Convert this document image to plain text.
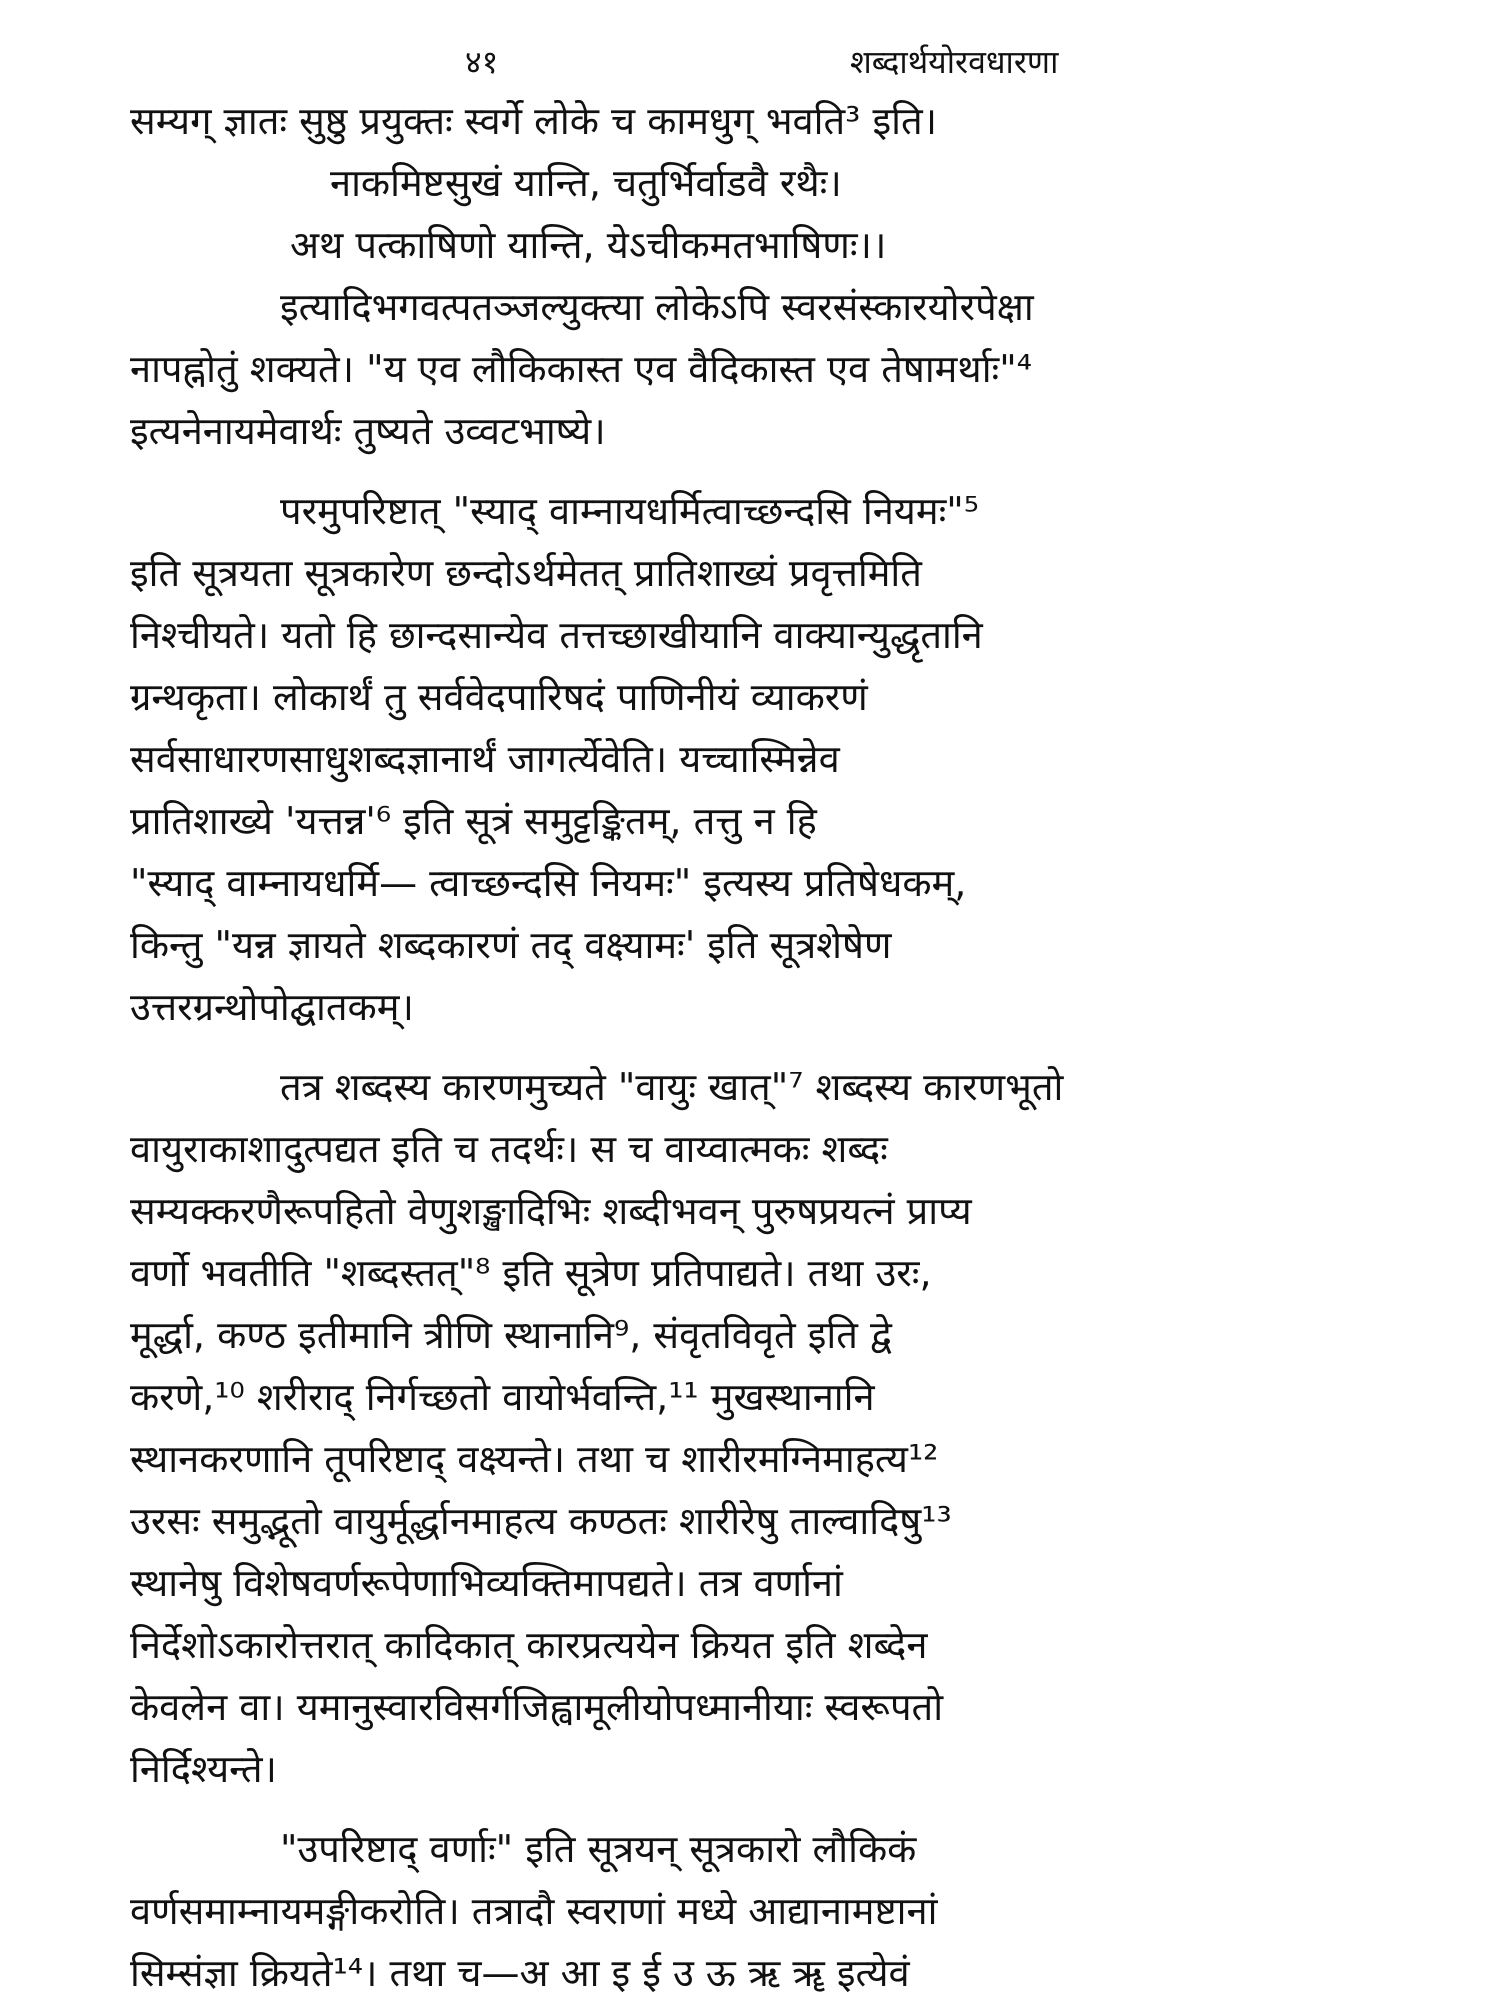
४१	शब्दार्थयोरवधारणा
सम्यग् ज्ञातः सुष्ठु प्रयुक्तः स्वर्गे लोके च कामधुग् भवति³ इति।
नाकमिष्टसुखं यान्ति, चतुर्भिर्वाडवै रथैः।
अथ पत्काषिणो यान्ति, येऽचीकमतभाषिणः।।
इत्यादिभगवत्पतञ्जल्युक्त्या लोकेऽपि स्वरसंस्कारयोरपेक्षा
नापह्नोतुं शक्यते। "य एव लौकिकास्त एव वैदिकास्त एव तेषामर्थाः"⁴
इत्यनेनायमेवार्थः तुष्यते उव्वटभाष्ये।
परमुपरिष्टात् "स्याद् वाम्नायधर्मित्वाच्छन्दसि नियमः"⁵
इति सूत्रयता सूत्रकारेण छन्दोऽर्थमेतत् प्रातिशाख्यं प्रवृत्तमिति
निश्चीयते। यतो हि छान्दसान्येव तत्तच्छाखीयानि वाक्यान्युद्धृतानि
ग्रन्थकृता। लोकार्थं तु सर्ववेदपारिषदं पाणिनीयं व्याकरणं
सर्वसाधारणसाधुशब्दज्ञानार्थं जागर्त्येवेति। यच्चास्मिन्नेव
प्रातिशाख्ये 'यत्तन्न'⁶ इति सूत्रं समुट्टङ्कितम्, तत्तु न हि
"स्याद् वाम्नायधर्मि— त्वाच्छन्दसि नियमः" इत्यस्य प्रतिषेधकम्,
किन्तु "यन्न ज्ञायते शब्दकारणं तद् वक्ष्यामः' इति सूत्रशेषेण
उत्तरग्रन्थोपोद्घातकम्।
तत्र शब्दस्य कारणमुच्यते "वायुः खात्"⁷ शब्दस्य कारणभूतो
वायुराकाशादुत्पद्यत इति च तदर्थः। स च वाय्वात्मकः शब्दः
सम्यक्करणैरूपहितो वेणुशङ्खादिभिः शब्दीभवन् पुरुषप्रयत्नं प्राप्य
वर्णो भवतीति "शब्दस्तत्"⁸ इति सूत्रेण प्रतिपाद्यते। तथा उरः,
मूर्द्धा, कण्ठ इतीमानि त्रीणि स्थानानि⁹, संवृतविवृते इति द्वे
करणे,¹⁰ शरीराद् निर्गच्छतो वायोर्भवन्ति,¹¹ मुखस्थानानि
स्थानकरणानि तूपरिष्टाद् वक्ष्यन्ते। तथा च शारीरमग्निमाहत्य¹²
उरसः समुद्भूतो वायुर्मूर्द्धानमाहत्य कण्ठतः शारीरेषु ताल्वादिषु¹³
स्थानेषु विशेषवर्णरूपेणाभिव्यक्तिमापद्यते। तत्र वर्णानां
निर्देशोऽकारोत्तरात् कादिकात् कारप्रत्ययेन क्रियत इति शब्देन
केवलेन वा। यमानुस्वारविसर्गजिह्वामूलीयोपध्मानीयाः स्वरूपतो
निर्दिश्यन्ते।
"उपरिष्टाद् वर्णाः" इति सूत्रयन् सूत्रकारो लौकिकं
वर्णसमाम्नायमङ्गीकरोति। तत्रादौ स्वराणां मध्ये आद्यानामष्टानां
सिम्संज्ञा क्रियते¹⁴। तथा च—अ आ इ ई उ ऊ ऋ ॠ इत्येवं
